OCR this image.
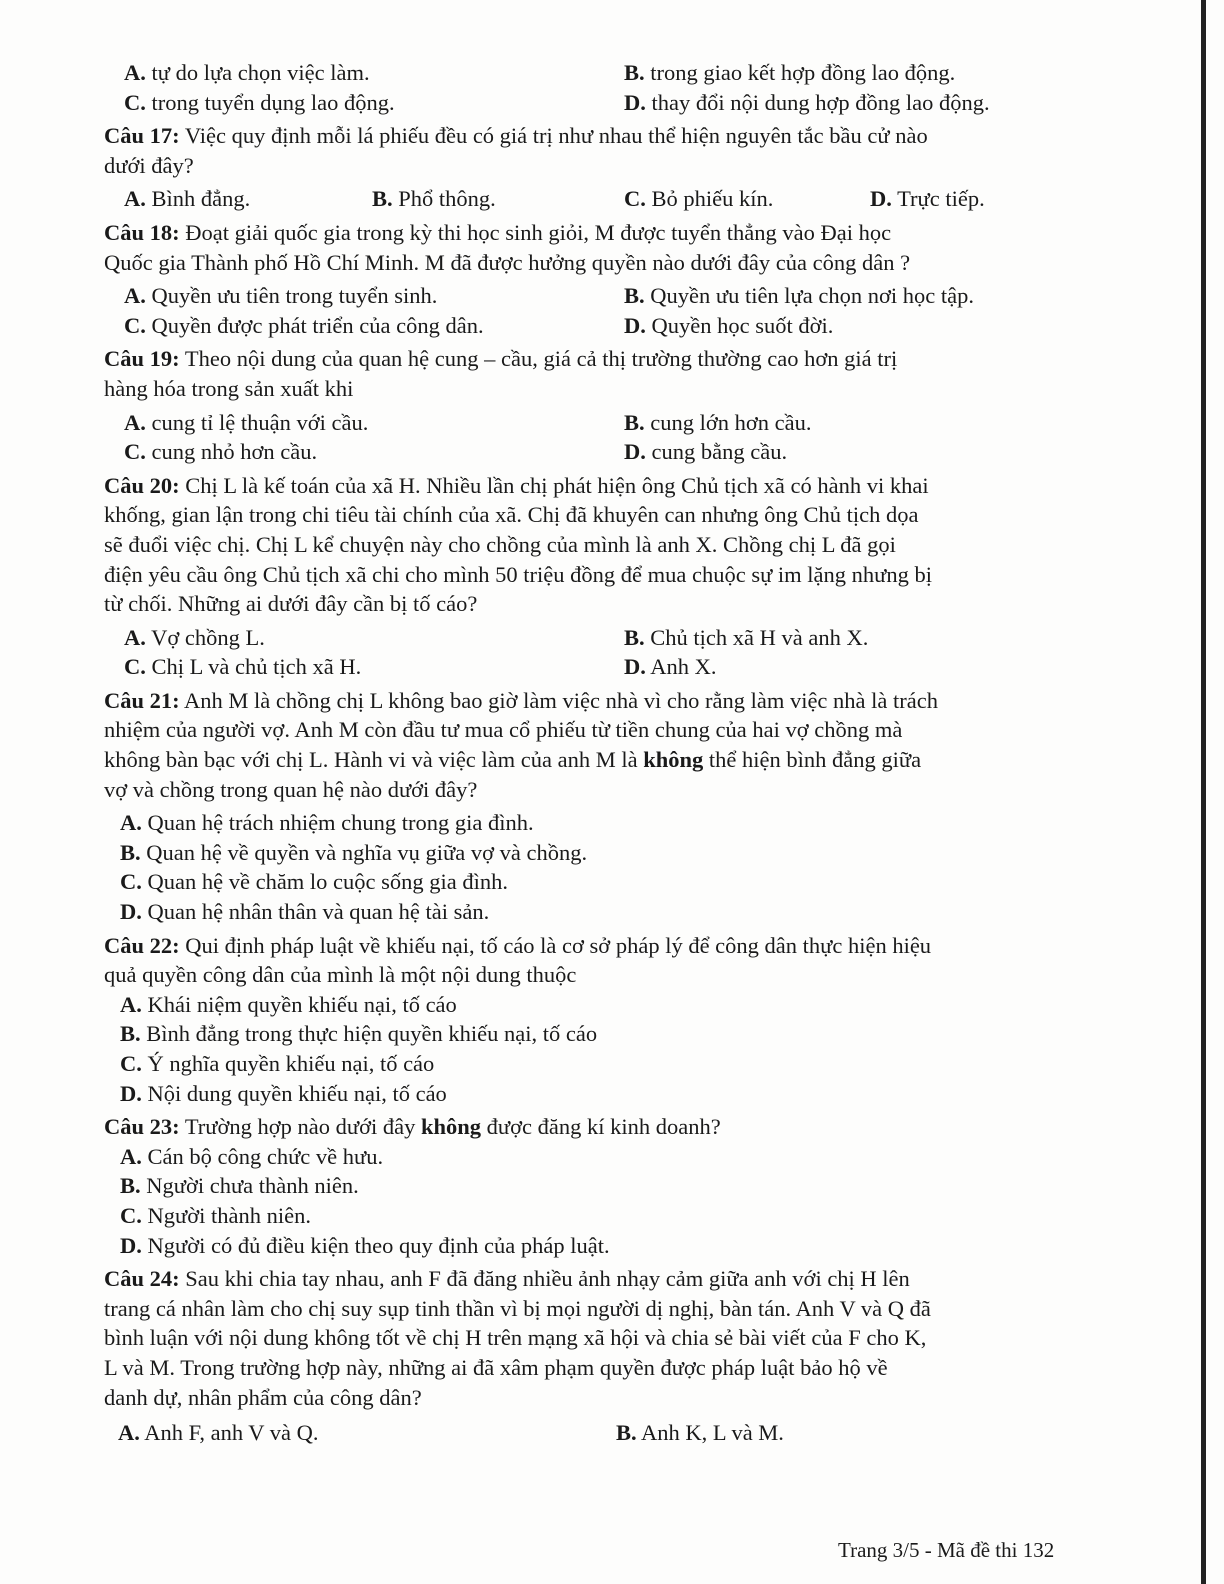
A. tự do lựa chọn việc làm.	B. trong giao kết hợp đồng lao động.
C. trong tuyển dụng lao động.	D. thay đổi nội dung hợp đồng lao động.
Câu 17: Việc quy định mỗi lá phiếu đều có giá trị như nhau thể hiện nguyên tắc bầu cử nào
dưới đây?
A. Bình đẳng.	B. Phổ thông.	C. Bỏ phiếu kín.	D. Trực tiếp.
Câu 18: Đoạt giải quốc gia trong kỳ thi học sinh giỏi, M được tuyển thẳng vào Đại học
Quốc gia Thành phố Hồ Chí Minh. M đã được hưởng quyền nào dưới đây của công dân ?
A. Quyền ưu tiên trong tuyển sinh.	B. Quyền ưu tiên lựa chọn nơi học tập.
C. Quyền được phát triển của công dân.	D. Quyền học suốt đời.
Câu 19: Theo nội dung của quan hệ cung – cầu, giá cả thị trường thường cao hơn giá trị
hàng hóa trong sản xuất khi
A. cung tỉ lệ thuận với cầu.	B. cung lớn hơn cầu.
C. cung nhỏ hơn cầu.	D. cung bằng cầu.
Câu 20: Chị L là kế toán của xã H. Nhiều lần chị phát hiện ông Chủ tịch xã có hành vi khai
khống, gian lận trong chi tiêu tài chính của xã. Chị đã khuyên can nhưng ông Chủ tịch dọa
sẽ đuổi việc chị. Chị L kể chuyện này cho chồng của mình là anh X. Chồng chị L đã gọi
điện yêu cầu ông Chủ tịch xã chi cho mình 50 triệu đồng để mua chuộc sự im lặng nhưng bị
từ chối. Những ai dưới đây cần bị tố cáo?
A. Vợ chồng L.	B. Chủ tịch xã H và anh X.
C. Chị L và chủ tịch xã H.	D. Anh X.
Câu 21: Anh M là chồng chị L không bao giờ làm việc nhà vì cho rằng làm việc nhà là trách
nhiệm của người vợ. Anh M còn đầu tư mua cổ phiếu từ tiền chung của hai vợ chồng mà
không bàn bạc với chị L. Hành vi và việc làm của anh M là không thể hiện bình đẳng giữa
vợ và chồng trong quan hệ nào dưới đây?
A. Quan hệ trách nhiệm chung trong gia đình.
B. Quan hệ về quyền và nghĩa vụ giữa vợ và chồng.
C. Quan hệ về chăm lo cuộc sống gia đình.
D. Quan hệ nhân thân và quan hệ tài sản.
Câu 22: Qui định pháp luật về khiếu nại, tố cáo là cơ sở pháp lý để công dân thực hiện hiệu
quả quyền công dân của mình là một nội dung thuộc
A. Khái niệm quyền khiếu nại, tố cáo
B. Bình đẳng trong thực hiện quyền khiếu nại, tố cáo
C. Ý nghĩa quyền khiếu nại, tố cáo
D. Nội dung quyền khiếu nại, tố cáo
Câu 23: Trường hợp nào dưới đây không được đăng kí kinh doanh?
A. Cán bộ công chức về hưu.
B. Người chưa thành niên.
C. Người thành niên.
D. Người có đủ điều kiện theo quy định của pháp luật.
Câu 24: Sau khi chia tay nhau, anh F đã đăng nhiều ảnh nhạy cảm giữa anh với chị H lên
trang cá nhân làm cho chị suy sụp tinh thần vì bị mọi người dị nghị, bàn tán. Anh V và Q đã
bình luận với nội dung không tốt về chị H trên mạng xã hội và chia sẻ bài viết của F cho K,
L và M. Trong trường hợp này, những ai đã xâm phạm quyền được pháp luật bảo hộ về
danh dự, nhân phẩm của công dân?
A. Anh F, anh V và Q.	B. Anh K, L và M.
Trang 3/5 - Mã đề thi 132
